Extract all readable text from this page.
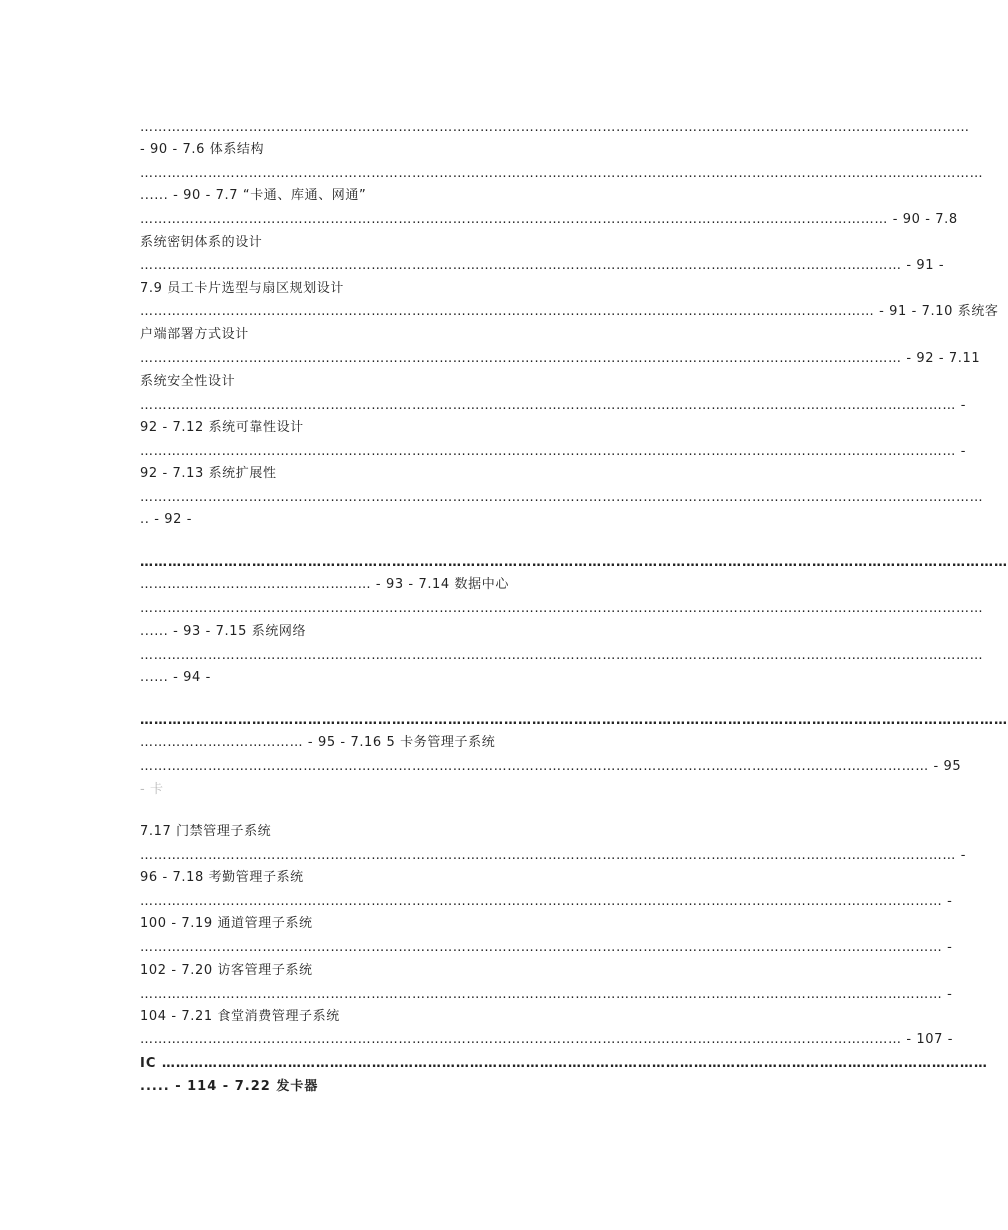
…………………………………………………………………………………………………………………………………………………………………
- 90 - 7.6 体系结构
……………………………………………………………………………………………………………………………………………………………………
...... - 90 - 7.7 “卡通、库通、网通”
………………………………………………………………………………………………………………………………………………… - 90 - 7.8
系统密钥体系的设计
…………………………………………………………………………………………………………………………………………………… - 91 -
7.9 员工卡片选型与扇区规划设计
……………………………………………………………………………………………………………………………………………… - 91 - 7.10 系统客
户端部署方式设计
…………………………………………………………………………………………………………………………………………………… - 92 - 7.11
系统安全性设计
……………………………………………………………………………………………………………………………………………………………… -
92 - 7.12 系统可靠性设计
……………………………………………………………………………………………………………………………………………………………… -
92 - 7.13 系统扩展性
……………………………………………………………………………………………………………………………………………………………………
.. - 92 -
……………………………………………………………………………………………………………………………………………………………………
…………………………………………… - 93 - 7.14 数据中心
……………………………………………………………………………………………………………………………………………………………………
...... - 93 - 7.15 系统网络
……………………………………………………………………………………………………………………………………………………………………
...... - 94 -
……………………………………………………………………………………………………………………………………………………………………
……………………………… - 95 - 7.16 5 卡务管理子系统
………………………………………………………………………………………………………………………………………………………… - 95
- 卡
7.17 门禁管理子系统
……………………………………………………………………………………………………………………………………………………………… -
96 - 7.18 考勤管理子系统
…………………………………………………………………………………………………………………………………………………………… -
100 - 7.19 通道管理子系统
…………………………………………………………………………………………………………………………………………………………… -
102 - 7.20 访客管理子系统
…………………………………………………………………………………………………………………………………………………………… -
104 - 7.21 食堂消费管理子系统
…………………………………………………………………………………………………………………………………………………… - 107 -
IC ……………………………………………………………………………………………………………………………………………………………
..... - 114 - 7.22 发卡器
